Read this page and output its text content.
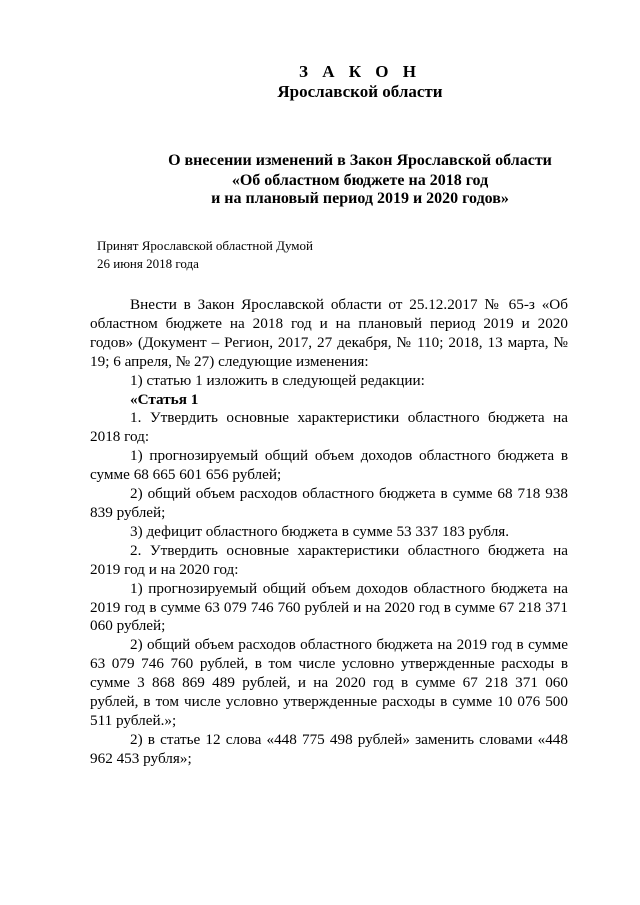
З А К О Н
Ярославской области
О внесении изменений в Закон Ярославской области
«Об областном бюджете на 2018 год
и на плановый период 2019 и 2020 годов»
Принят Ярославской областной Думой
26 июня 2018 года

Внести в Закон Ярославской области от 25.12.2017 № 65-з «Об областном бюджете на 2018 год и на плановый период 2019 и 2020 годов» (Документ – Регион, 2017, 27 декабря, № 110; 2018, 13 марта, № 19; 6 апреля, № 27) следующие изменения:

1) статью 1 изложить в следующей редакции:

«Статья 1

1. Утвердить основные характеристики областного бюджета на 2018 год:

1) прогнозируемый общий объем доходов областного бюджета в сумме 68 665 601 656 рублей;

2) общий объем расходов областного бюджета в сумме 68 718 938 839 рублей;

3) дефицит областного бюджета в сумме 53 337 183 рубля.

2. Утвердить основные характеристики областного бюджета на 2019 год и на 2020 год:

1) прогнозируемый общий объем доходов областного бюджета на 2019 год в сумме 63 079 746 760 рублей и на 2020 год в сумме 67 218 371 060 рублей;

2) общий объем расходов областного бюджета на 2019 год в сумме 63 079 746 760 рублей, в том числе условно утвержденные расходы в сумме 3 868 869 489 рублей, и на 2020 год в сумме 67 218 371 060 рублей, в том числе условно утвержденные расходы в сумме 10 076 500 511 рублей.»;

2) в статье 12 слова «448 775 498 рублей» заменить словами «448 962 453 рубля»;
